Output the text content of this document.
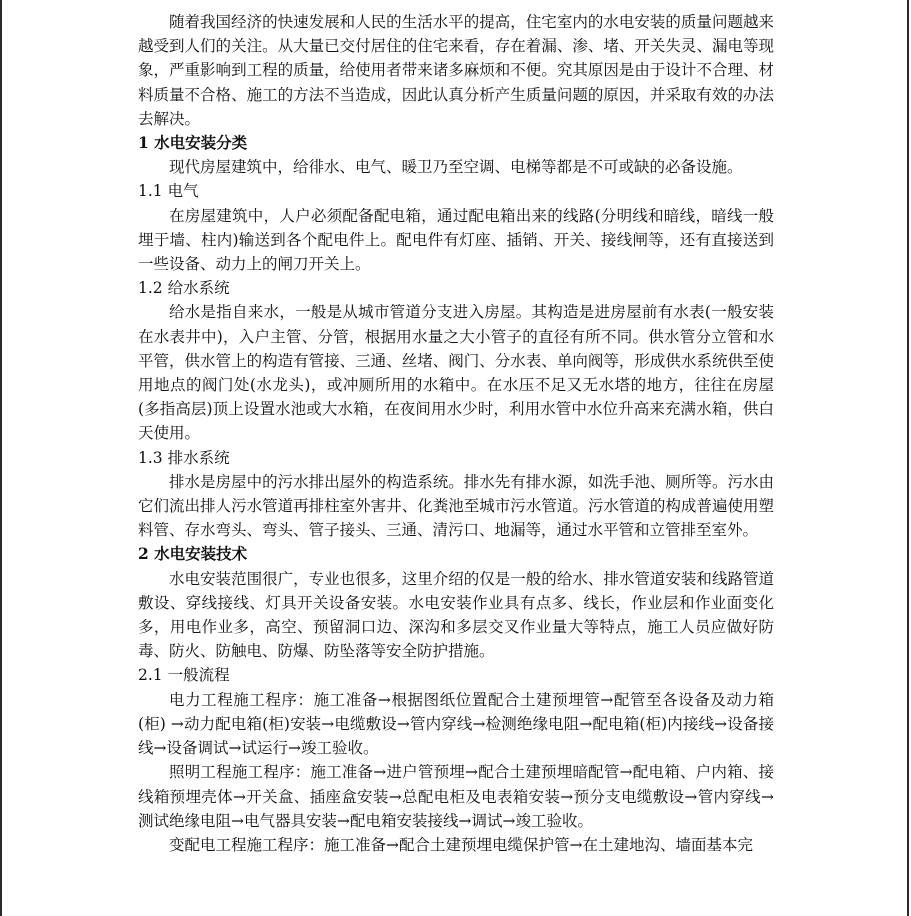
随着我国经济的快速发展和人民的生活水平的提高，住宅室内的水电安装的质量问题越来越受到人们的关注。从大量已交付居住的住宅来看，存在着漏、渗、堵、开关失灵、漏电等现象，严重影响到工程的质量，给使用者带来诸多麻烦和不便。究其原因是由于设计不合理、材料质量不合格、施工的方法不当造成，因此认真分析产生质量问题的原因，并采取有效的办法去解决。

1 水电安装分类

现代房屋建筑中，给徘水、电气、暖卫乃至空调、电梯等都是不可或缺的必备设施。

1.1 电气

在房屋建筑中，人户必须配备配电箱，通过配电箱出来的线路(分明线和暗线，暗线一般埋于墙、柱内)输送到各个配电件上。配电件有灯座、插销、开关、接线闸等，还有直接送到一些设备、动力上的闸刀开关上。

1.2 给水系统

给水是指自来水，一般是从城市管道分支进入房屋。其构造是进房屋前有水表(一般安装在水表井中)，入户主管、分管，根据用水量之大小管子的直径有所不同。供水管分立管和水平管，供水管上的构造有管接、三通、丝堵、阀门、分水表、单向阀等，形成供水系统供至使用地点的阀门处(水龙头)，或冲厕所用的水箱中。在水压不足又无水塔的地方，往往在房屋(多指高层)顶上设置水池或大水箱，在夜间用水少时，利用水管中水位升高来充满水箱，供白天使用。

1.3 排水系统

排水是房屋中的污水排出屋外的构造系统。排水先有排水源，如洗手池、厕所等。污水由它们流出排人污水管道再排柱室外害井、化粪池至城市污水管道。污水管道的构成普遍使用塑料管、存水弯头、弯头、管子接头、三通、清污口、地漏等，通过水平管和立管排至室外。

2 水电安装技术

水电安装范围很广，专业也很多，这里介绍的仅是一般的给水、排水管道安装和线路管道敷设、穿线接线、灯具开关设备安装。水电安装作业具有点多、线长，作业层和作业面变化多，用电作业多，高空、预留洞口边、深沟和多层交叉作业量大等特点，施工人员应做好防毒、防火、防触电、防爆、防坠落等安全防护措施。

2.1 一般流程

电力工程施工程序：施工准备→根据图纸位置配合土建预埋管→配管至各设备及动力箱(柜) →动力配电箱(柜)安装→电缆敷设→管内穿线→检测绝缘电阻→配电箱(柜)内接线→设备接线→设备调试→试运行→竣工验收。

照明工程施工程序：施工准备→进户管预埋→配合土建预埋暗配管→配电箱、户内箱、接线箱预埋壳体→开关盒、插座盒安装→总配电柜及电表箱安装→预分支电缆敷设→管内穿线→测试绝缘电阻→电气器具安装→配电箱安装接线→调试→竣工验收。

变配电工程施工程序：施工准备→配合土建预埋电缆保护管→在土建地沟、墙面基本完
